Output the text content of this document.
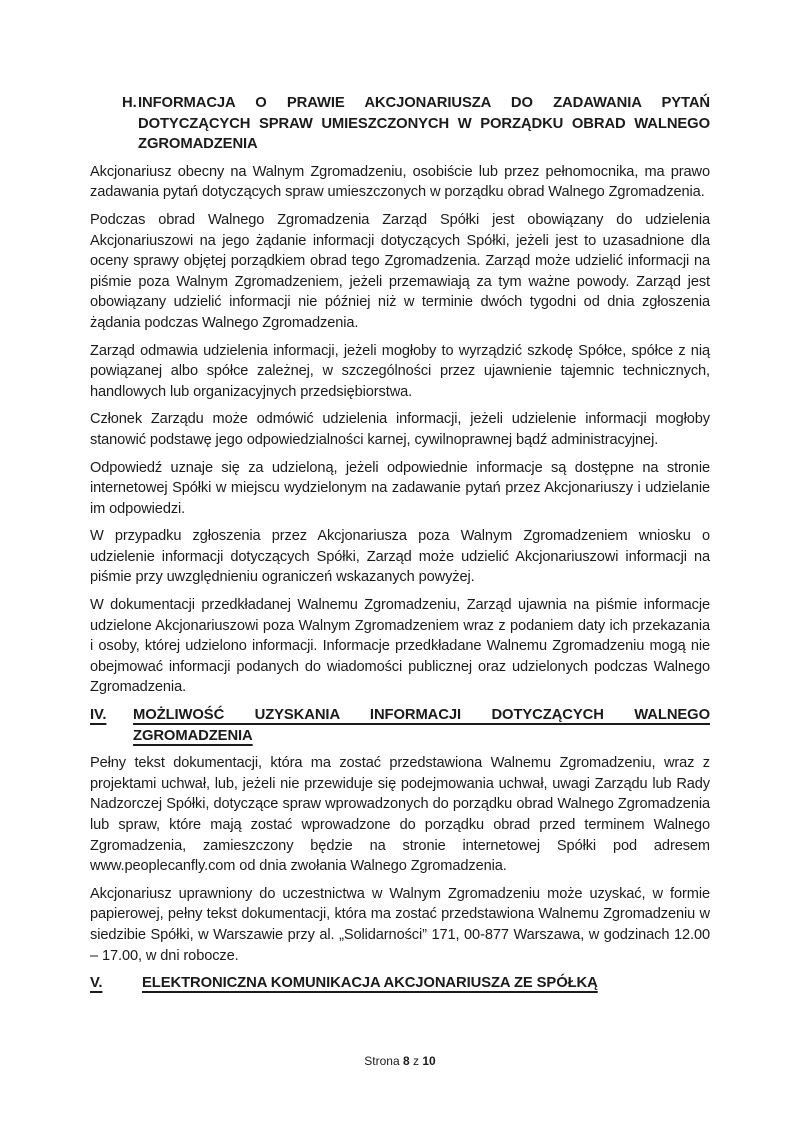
H. INFORMACJA O PRAWIE AKCJONARIUSZA DO ZADAWANIA PYTAŃ DOTYCZĄCYCH SPRAW UMIESZCZONYCH W PORZĄDKU OBRAD WALNEGO ZGROMADZENIA

Akcjonariusz obecny na Walnym Zgromadzeniu, osobiście lub przez pełnomocnika, ma prawo zadawania pytań dotyczących spraw umieszczonych w porządku obrad Walnego Zgromadzenia.

Podczas obrad Walnego Zgromadzenia Zarząd Spółki jest obowiązany do udzielenia Akcjonariuszowi na jego żądanie informacji dotyczących Spółki, jeżeli jest to uzasadnione dla oceny sprawy objętej porządkiem obrad tego Zgromadzenia. Zarząd może udzielić informacji na piśmie poza Walnym Zgromadzeniem, jeżeli przemawiają za tym ważne powody. Zarząd jest obowiązany udzielić informacji nie później niż w terminie dwóch tygodni od dnia zgłoszenia żądania podczas Walnego Zgromadzenia.

Zarząd odmawia udzielenia informacji, jeżeli mogłoby to wyrządzić szkodę Spółce, spółce z nią powiązanej albo spółce zależnej, w szczególności przez ujawnienie tajemnic technicznych, handlowych lub organizacyjnych przedsiębiorstwa.

Członek Zarządu może odmówić udzielenia informacji, jeżeli udzielenie informacji mogłoby stanowić podstawę jego odpowiedzialności karnej, cywilnoprawnej bądź administracyjnej.

Odpowiedź uznaje się za udzieloną, jeżeli odpowiednie informacje są dostępne na stronie internetowej Spółki w miejscu wydzielonym na zadawanie pytań przez Akcjonariuszy i udzielanie im odpowiedzi.

W przypadku zgłoszenia przez Akcjonariusza poza Walnym Zgromadzeniem wniosku o udzielenie informacji dotyczących Spółki, Zarząd może udzielić Akcjonariuszowi informacji na piśmie przy uwzględnieniu ograniczeń wskazanych powyżej.

W dokumentacji przedkładanej Walnemu Zgromadzeniu, Zarząd ujawnia na piśmie informacje udzielone Akcjonariuszowi poza Walnym Zgromadzeniem wraz z podaniem daty ich przekazania i osoby, której udzielono informacji. Informacje przedkładane Walnemu Zgromadzeniu mogą nie obejmować informacji podanych do wiadomości publicznej oraz udzielonych podczas Walnego Zgromadzenia.

IV.	MOŻLIWOŚĆ UZYSKANIA INFORMACJI DOTYCZĄCYCH WALNEGO ZGROMADZENIA

Pełny tekst dokumentacji, która ma zostać przedstawiona Walnemu Zgromadzeniu, wraz z projektami uchwał, lub, jeżeli nie przewiduje się podejmowania uchwał, uwagi Zarządu lub Rady Nadzorczej Spółki, dotyczące spraw wprowadzonych do porządku obrad Walnego Zgromadzenia lub spraw, które mają zostać wprowadzone do porządku obrad przed terminem Walnego Zgromadzenia, zamieszczony będzie na stronie internetowej Spółki pod adresem www.peoplecanfly.com od dnia zwołania Walnego Zgromadzenia.

Akcjonariusz uprawniony do uczestnictwa w Walnym Zgromadzeniu może uzyskać, w formie papierowej, pełny tekst dokumentacji, która ma zostać przedstawiona Walnemu Zgromadzeniu w siedzibie Spółki, w Warszawie przy al. „Solidarności” 171, 00-877 Warszawa, w godzinach 12.00 – 17.00, w dni robocze.

V.	ELEKTRONICZNA KOMUNIKACJA AKCJONARIUSZA ZE SPÓŁKĄ
Strona 8 z 10
